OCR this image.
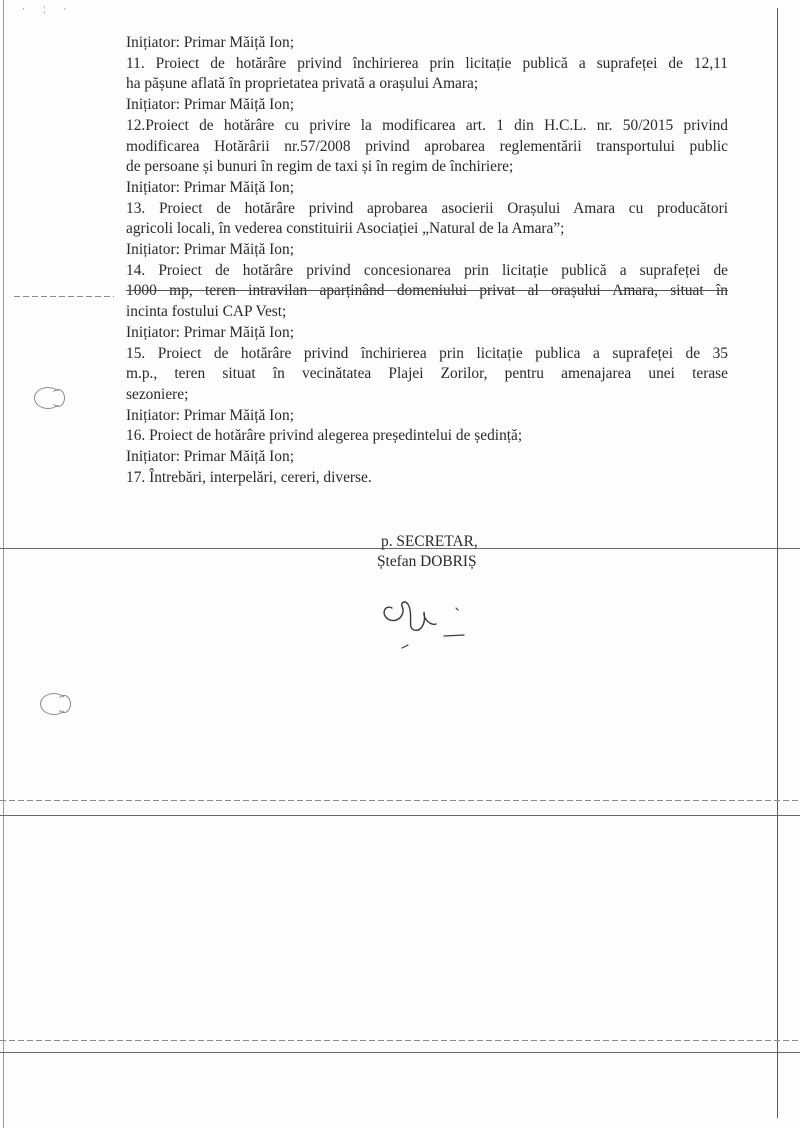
· ¦ ·
Inițiator: Primar Măiță Ion;
11. Proiect de hotărâre privind închirierea prin licitație publică a suprafeței de 12,11
ha pășune aflată în proprietatea privată a orașului Amara;
Inițiator: Primar Măiță Ion;
12.Proiect de hotărâre cu privire la modificarea art. 1 din H.C.L. nr. 50/2015 privind
modificarea Hotărârii nr.57/2008 privind aprobarea reglementării transportului public
de persoane și bunuri în regim de taxi și în regim de închiriere;
Inițiator: Primar Măiță Ion;
13. Proiect de hotărâre privind aprobarea asocierii Orașului Amara cu producători
agricoli locali, în vederea constituirii Asociației „Natural de la Amara”;
Inițiator: Primar Măiță Ion;
14. Proiect de hotărâre privind concesionarea prin licitație publică a suprafeței de
1000 mp, teren intravilan aparținând domeniului privat al orașului Amara, situat în
incinta fostului CAP Vest;
Inițiator: Primar Măiță Ion;
15. Proiect de hotărâre privind închirierea prin licitație publica a suprafeței de 35
m.p., teren situat în vecinătatea Plajei Zorilor, pentru amenajarea unei terase
sezoniere;
Inițiator: Primar Măiță Ion;
16. Proiect de hotărâre privind alegerea președintelui de ședință;
Inițiator: Primar Măiță Ion;
17. Întrebări, interpelări, cereri, diverse.
p. SECRETAR,
Ștefan DOBRIȘ
